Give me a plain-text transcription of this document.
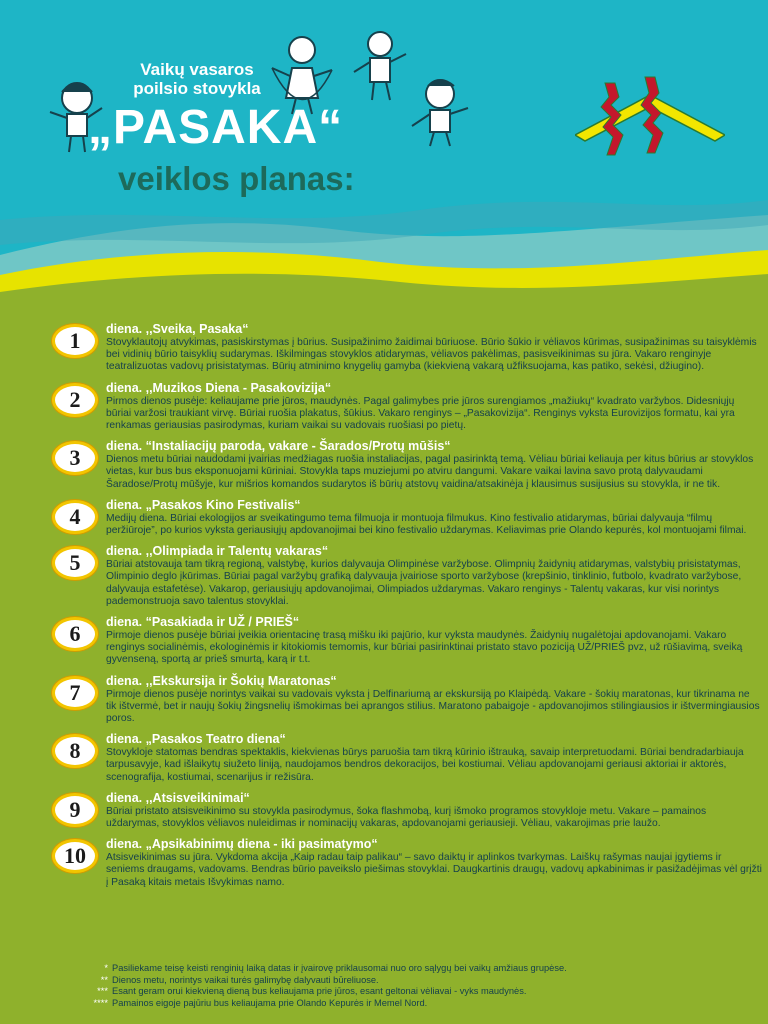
Vaikų vasaros poilsio stovykla
„PASAKA“
veiklos planas:
1	diena. ,,Sveika, Pasaka“
Stovyklautojų atvykimas, pasiskirstymas į būrius. Susipažinimo žaidimai būriuose. Būrio šūkio ir vėliavos kūrimas, susipažinimas su taisyklėmis bei vidinių būrio taisyklių sudarymas. Iškilmingas stovyklos atidarymas, vėliavos pakėlimas, pasisveikinimas su jūra. Vakaro renginyje teatralizuotas vadovų prisistatymas. Būrių atminimo knygelių gamyba (kiekvieną vakarą užfiksuojama, kas patiko, sekėsi, džiugino).
2	diena. ,,Muzikos Diena - Pasakovizija“
Pirmos dienos pusėje: keliaujame prie jūros, maudynės. Pagal galimybes prie jūros surengiamos „mažiukų“ kvadrato varžybos. Didesniųjų būriai varžosi traukiant virvę. Būriai ruošia plakatus, šūkius. Vakaro renginys – „Pasakovizija“. Renginys vyksta Eurovizijos formatu, kai yra renkamas geriausias pasirodymas, kuriam vaikai su vadovais ruošiasi po pietų.
3	diena. “Instaliacijų paroda, vakare - Šarados/Protų mūšis“
Dienos metu būriai naudodami įvairias medžiagas ruošia instaliacijas, pagal pasirinktą temą. Vėliau būriai keliauja per kitus būrius ar stovyklos vietas, kur bus bus eksponuojami kūriniai. Stovykla taps muziejumi po atviru dangumi. Vakare vaikai lavina savo protą dalyvaudami Šaradose/Protų mūšyje, kur mišrios komandos sudarytos iš būrių atstovų vaidina/atsakinėja į klausimus susijusius su stovykla, ir ne tik.
4	diena. „Pasakos Kino Festivalis“
Medijų diena. Būriai ekologijos ar sveikatingumo tema filmuoja ir montuoja filmukus. Kino festivalio atidarymas, būriai dalyvauja “filmų peržiūroje”, po kurios vyksta geriausiųjų apdovanojimai bei kino festivalio uždarymas. Keliavimas prie Olando kepurės, kol montuojami filmai.
5	diena. ,,Olimpiada ir Talentų vakaras“
Būriai atstovauja tam tikrą regioną, valstybę, kurios dalyvauja Olimpinėse varžybose. Olimpnių žaidynių atidarymas, valstybių prisistatymas, Olimpinio deglo įkūrimas. Būriai pagal varžybų grafiką dalyvauja įvairiose sporto varžybose (krepšinio, tinklinio, futbolo, kvadrato varžybose, dalyvauja estafetėse). Vakarop, geriausiųjų apdovanojimai, Olimpiados uždarymas. Vakaro renginys - Talentų vakaras, kur visi norintys pademonstruoja savo talentus stovyklai.
6	diena. “Pasakiada ir UŽ / PRIEŠ“
Pirmoje dienos pusėje būriai įveikia orientacinę trasą mišku iki pajūrio, kur vyksta maudynės. Žaidynių nugalėtojai apdovanojami. Vakaro renginys socialinėmis, ekologinėmis ir kitokiomis temomis, kur būriai pasirinktinai pristato stavo poziciją UŽ/PRIEŠ pvz, už rūšiavimą, sveiką gyvenseną, sportą ar prieš smurtą, karą ir t.t.
7	diena. ,,Ekskursija ir Šokių Maratonas“
Pirmoje dienos pusėje norintys vaikai su vadovais vyksta į Delfinariumą ar ekskursiją po Klaipėdą. Vakare - šokių maratonas, kur tikrinama ne tik ištvermė, bet ir naujų šokių žingsnelių išmokimas bei aprangos stilius. Maratono pabaigoje - apdovanojimos stilingiausios ir ištvermingiausios poros.
8	diena. „Pasakos Teatro diena“
Stovykloje statomas bendras spektaklis, kiekvienas būrys paruošia tam tikrą kūrinio ištrauką, savaip interpretuodami. Būriai bendradarbiauja tarpusavyje, kad išlaikytų siužeto liniją, naudojamos bendros dekoracijos, bei kostiumai. Vėliau apdovanojami geriausi aktoriai ir aktorės, scenografija, kostiumai, scenarijus ir režisūra.
9	diena. ,,Atsisveikinimai“
Būriai pristato atsisveikinimo su stovykla pasirodymus, šoka flashmobą, kurį išmoko programos stovykloje metu. Vakare – pamainos uždarymas, stovyklos vėliavos nuleidimas ir nominacijų vakaras, apdovanojami geriausieji. Vėliau, vakarojimas prie laužo.
10	diena. „Apsikabinimų diena - iki pasimatymo“
Atsisveikinimas su jūra. Vykdoma akcija „Kaip radau taip palikau“ – savo daiktų ir aplinkos tvarkymas. Laiškų rašymas naujai įgytiems ir seniems draugams, vadovams. Bendras būrio paveikslo piešimas stovyklai. Daugkartinis draugų, vadovų apkabinimas ir pasižadėjimas vėl grįžti į Pasaką kitais metais Išvykimas namo.
* Pasiliekame teisę keisti renginių laiką datas ir įvairovę priklausomai nuo oro sąlygų bei vaikų amžiaus grupėse.
** Dienos metu, norintys vaikai turės galimybę dalyvauti būreliuose.
*** Esant geram orui kiekvieną dieną bus keliaujama prie jūros, esant geltonai vėliavai - vyks maudynės.
**** Pamainos eigoje pajūriu bus keliaujama prie Olando Kepurės ir Memel Nord.
